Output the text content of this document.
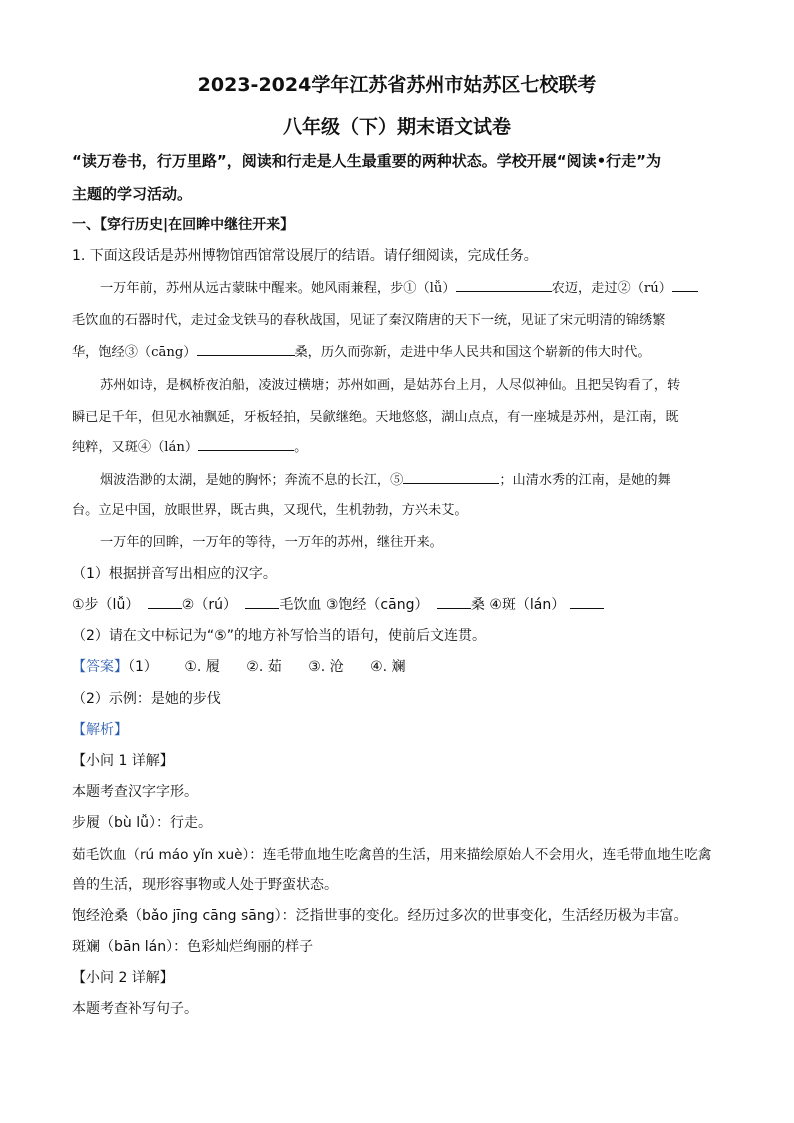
2023-2024学年江苏省苏州市姑苏区七校联考
八年级（下）期末语文试卷
“读万卷书，行万里路”，阅读和行走是人生最重要的两种状态。学校开展“阅读•行走”为
主题的学习活动。
一、【穿行历史|在回眸中继往开来】
1. 下面这段话是苏州博物馆西馆常设展厅的结语。请仔细阅读，完成任务。
一万年前，苏州从远古蒙昧中醒来。她风雨兼程，步①（lǚ）	农迈，走过②（rú）
毛饮血的石器时代，走过金戈铁马的春秋战国，见证了秦汉隋唐的天下一统，见证了宋元明清的锦绣繁
华，饱经③（cāng）	桑，历久而弥新，走进中华人民共和国这个崭新的伟大时代。
苏州如诗，是枫桥夜泊船，凌波过横塘；苏州如画，是姑苏台上月，人尽似神仙。且把吴钩看了，转
瞬已足千年，但见水袖飘延，牙板轻拍，吴歈继绝。天地悠悠，湖山点点，有一座城是苏州，是江南，既
纯粹，又斑④（lán）	。
烟波浩渺的太湖，是她的胸怀；奔流不息的长江，⑤	；山清水秀的江南，是她的舞
台。立足中国，放眼世界，既古典，又现代，生机勃勃，方兴未艾。
一万年的回眸，一万年的等待，一万年的苏州，继往开来。
（1）根据拼音写出相应的汉字。
①步（lǚ）	②（rú）	毛饮血 ③饱经（cāng）	桑 ④斑（lán）
（2）请在文中标记为“⑤”的地方补写恰当的语句，使前后文连贯。
【答案】（1） ①. 履 ②. 茹 ③. 沧 ④. 斓
（2）示例：是她的步伐
【解析】
【小问 1 详解】
本题考查汉字字形。
步履（bù lǚ）：行走。
茹毛饮血（rú máo yǐn xuè）：连毛带血地生吃禽兽的生活，用来描绘原始人不会用火，连毛带血地生吃禽
兽的生活，现形容事物或人处于野蛮状态。
饱经沧桑（bǎo jīng cāng sāng）：泛指世事的变化。经历过多次的世事变化，生活经历极为丰富。
斑斓（bān lán）：色彩灿烂绚丽的样子
【小问 2 详解】
本题考查补写句子。
